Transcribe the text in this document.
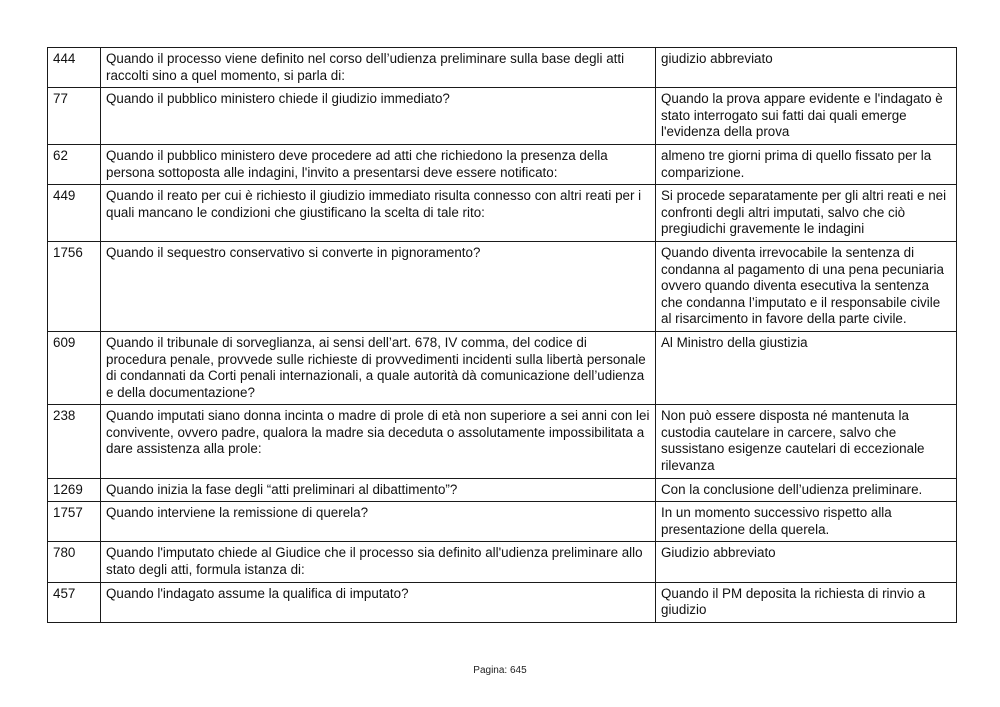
444	Quando il processo viene definito nel corso dell’udienza preliminare sulla base degli atti raccolti sino a quel momento, si parla di:	giudizio abbreviato
77	Quando il pubblico ministero chiede il giudizio immediato?	Quando la prova appare evidente e l'indagato è stato interrogato sui fatti dai quali emerge l'evidenza della prova
62	Quando il pubblico ministero deve procedere ad atti che richiedono la presenza della persona sottoposta alle indagini, l'invito a presentarsi deve essere notificato:	almeno tre giorni prima di quello fissato per la comparizione.
449	Quando il reato per cui è richiesto il giudizio immediato risulta connesso con altri reati per i quali mancano le condizioni che giustificano la scelta di tale rito:	Si procede separatamente per gli altri reati e nei confronti degli altri imputati, salvo che ciò pregiudichi gravemente le indagini
1756	Quando il sequestro conservativo si converte in pignoramento?	Quando diventa irrevocabile la sentenza di condanna al pagamento di una pena pecuniaria ovvero quando diventa esecutiva la sentenza che condanna l’imputato e il responsabile civile al risarcimento in favore della parte civile.
609	Quando il tribunale di sorveglianza, ai sensi dell’art. 678, IV comma, del codice di procedura penale, provvede sulle richieste di provvedimenti incidenti sulla libertà personale di condannati da Corti penali internazionali, a quale autorità dà comunicazione dell’udienza e della documentazione?	Al Ministro della giustizia
238	Quando imputati siano donna incinta o madre di prole di età non superiore a sei anni con lei convivente, ovvero padre, qualora la madre sia deceduta o assolutamente impossibilitata a dare assistenza alla prole:	Non può essere disposta né mantenuta la custodia cautelare in carcere, salvo che sussistano esigenze cautelari di eccezionale rilevanza
1269	Quando inizia la fase degli “atti preliminari al dibattimento”?	Con la conclusione dell’udienza preliminare.
1757	Quando interviene la remissione di querela?	In un momento successivo rispetto alla presentazione della querela.
780	Quando l'imputato chiede al Giudice che il processo sia definito all'udienza preliminare allo stato degli atti, formula istanza di:	Giudizio abbreviato
457	Quando l'indagato assume la qualifica di imputato?	Quando il PM deposita la richiesta di rinvio a giudizio
Pagina: 645
